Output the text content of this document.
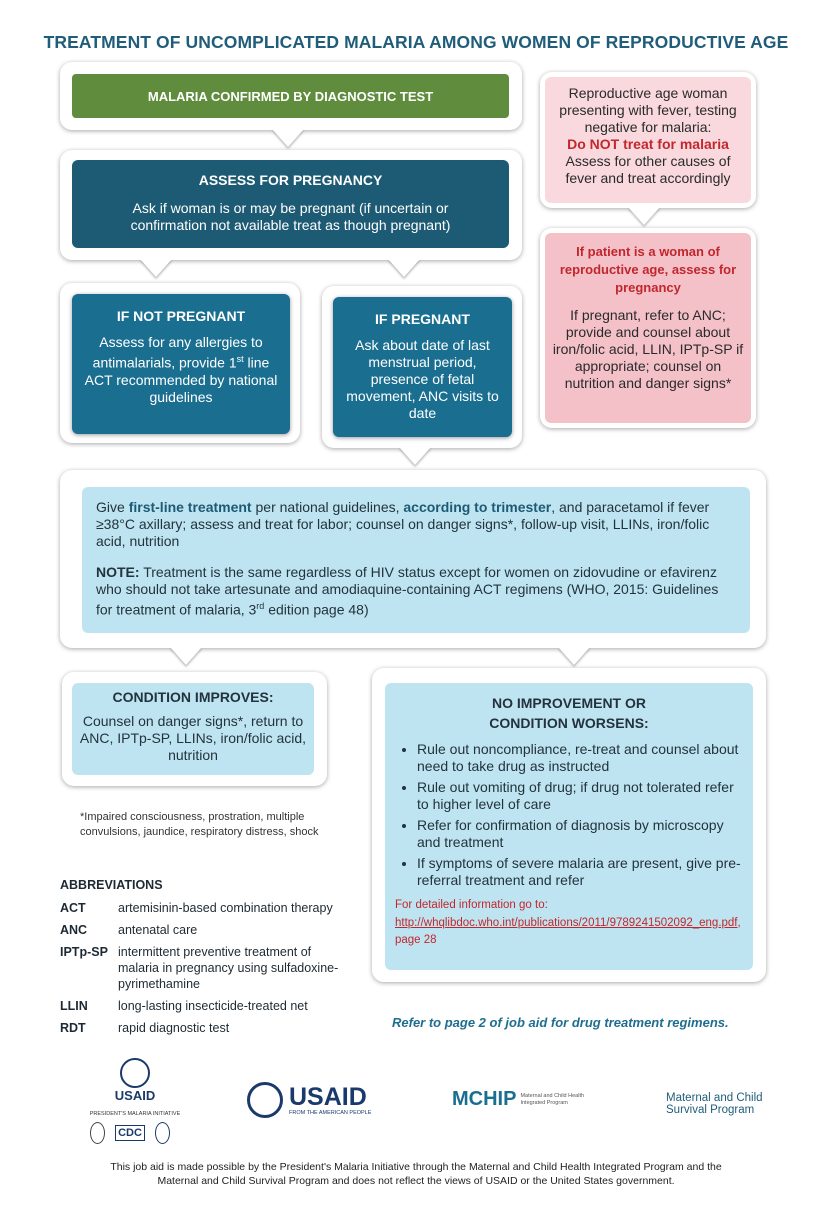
TREATMENT OF UNCOMPLICATED MALARIA AMONG WOMEN OF REPRODUCTIVE AGE
MALARIA CONFIRMED BY DIAGNOSTIC TEST
ASSESS FOR PREGNANCY
Ask if woman is or may be pregnant (if uncertain or confirmation not available treat as though pregnant)
IF NOT PREGNANT
Assess for any allergies to antimalarials, provide 1st line ACT recommended by national guidelines
IF PREGNANT
Ask about date of last menstrual period, presence of fetal movement, ANC visits to date
Reproductive age woman presenting with fever, testing negative for malaria:
Do NOT treat for malaria
Assess for other causes of fever and treat accordingly
If patient is a woman of reproductive age, assess for pregnancy
If pregnant, refer to ANC; provide and counsel about iron/folic acid, LLIN, IPTp-SP if appropriate; counsel on nutrition and danger signs*
Give first-line treatment per national guidelines, according to trimester, and paracetamol if fever ≥38°C axillary; assess and treat for labor; counsel on danger signs*, follow-up visit, LLINs, iron/folic acid, nutrition
NOTE: Treatment is the same regardless of HIV status except for women on zidovudine or efavirenz who should not take artesunate and amodiaquine-containing ACT regimens (WHO, 2015: Guidelines for treatment of malaria, 3rd edition page 48)
CONDITION IMPROVES:
Counsel on danger signs*, return to ANC, IPTp-SP, LLINs, iron/folic acid, nutrition
NO IMPROVEMENT OR
CONDITION WORSENS:
• Rule out noncompliance, re-treat and counsel about need to take drug as instructed
• Rule out vomiting of drug; if drug not tolerated refer to higher level of care
• Refer for confirmation of diagnosis by microscopy and treatment
• If symptoms of severe malaria are present, give pre-referral treatment and refer
For detailed information go to:
http://whqlibdoc.who.int/publications/2011/9789241502092_eng.pdf, page 28
*Impaired consciousness, prostration, multiple convulsions, jaundice, respiratory distress, shock
ABBREVIATIONS
ACT	artemisinin-based combination therapy
ANC	antenatal care
IPTp-SP intermittent preventive treatment of malaria in pregnancy using sulfadoxine-pyrimethamine
LLIN	long-lasting insecticide-treated net
RDT	rapid diagnostic test	Refer to page 2 of job aid for drug treatment regimens.
USAID
PRESIDENT'S MALARIA INITIATIVE
CDC
USAID
FROM THE AMERICAN PEOPLE
MCHIP Maternal and Child Health Integrated Program	Maternal and Child
Survival Program
This job aid is made possible by the President's Malaria Initiative through the Maternal and Child Health Integrated Program and the Maternal and Child Survival Program and does not reflect the views of USAID or the United States government.
